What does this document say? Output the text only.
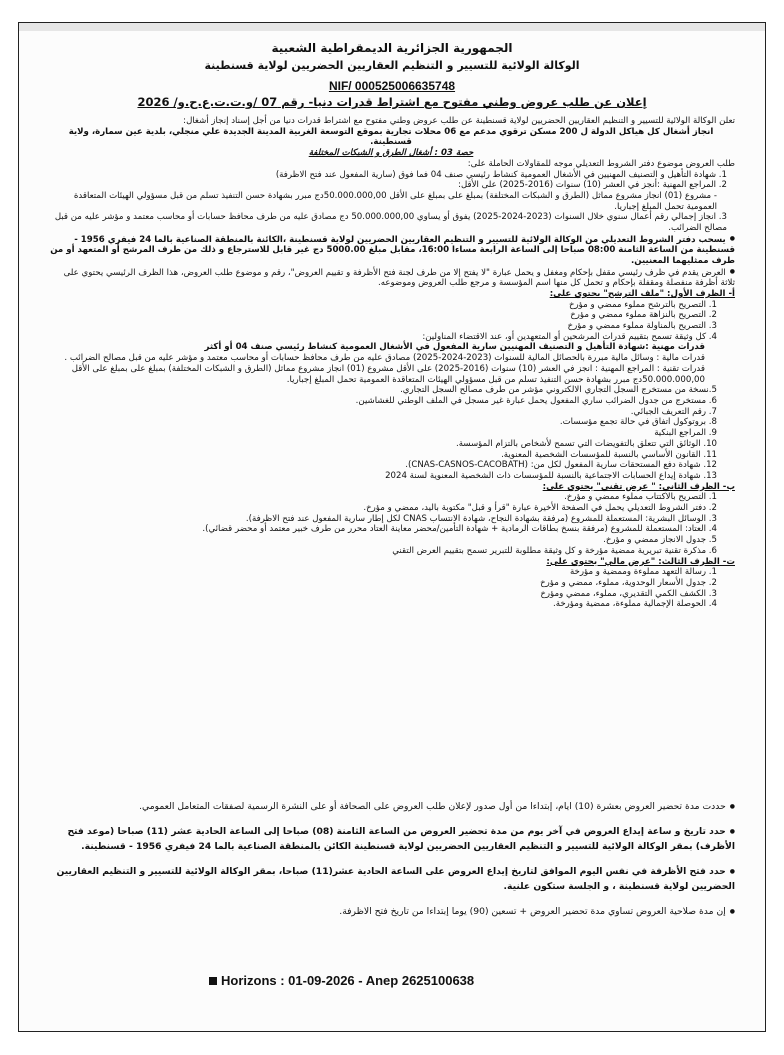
الجمهورية الجزائرية الديمقراطية الشعبية
الوكالة الولائية للتسيير و التنظيم العقاريين الحضريين لولاية قسنطينة
NIF/ 000525006635748
إعلان عن طلب عروض وطني مفتوح مع اشتراط قدرات دنيا- رقم 07 /و.ت.ت.ع.ح.و/ 2026

تعلن الوكالة الولائية للتسيير و التنظيم العقاريين الحضريين لولاية قسنطينة عن طلب عروض وطني مفتوح مع اشتراط قدرات دنيا من أجل إسناد إنجاز أشغال:

انجاز أشغال كل هياكل الدولة ل 200 مسكن ترقوي مدعم مع 06 محلات تجارية بموقع التوسعة الغربية المدينة الجديدة علي منجلي، بلدية عين سمارة، ولاية قسنطينة.

حصة 03 : أشغال الطرق و الشبكات المختلفة

طلب العروض موضوع دفتر الشروط التعديلي موجه للمقاولات الحاملة على:

1. شهادة التأهيل و التصنيف المهنيين في الأشغال العمومية كنشاط رئيسي صنف 04 فما فوق (سارية المفعول عند فتح الاظرفة)

2. المراجع المهنية :أنجز في العشر (10) سنوات (2016-2025) على الأقل:

- مشروع (01) انجاز مشروع مماثل (الطرق و الشبكات المختلفة) بمبلغ على بمبلغ على الأقل 50.000.000,00دج مبرر بشهادة حسن التنفيذ تسلم من قبل مسؤولي الهيئات المتعاقدة العمومية تحمل المبلغ إجباريا.

3. انجاز إجمالي رقم أعمال سنوي خلال السنوات (2023-2024-2025) يفوق أو يساوي 50.000.000,00 دج مصادق عليه من طرف محافظ حسابات أو محاسب معتمد و مؤشر عليه من قبل مصالح الضرائب.

● يسحب دفتر الشروط التعديلي من الوكالة الولائية للتسيير و التنظيم العقاريين الحضريين لولاية قسنطينة ،الكائنة بالمنطقة الصناعية بالما 24 فيفري 1956 - قسنطينة من الساعة الثامنة 08:00 صباحا إلى الساعة الرابعة مساءا 16:00، مقابل مبلغ 5000.00 دج غير قابل للاسترجاع و ذلك من طرف المرشح أو المتعهد أو من طرف ممثليهما المعنيين.

● العرض يقدم في ظرف رئيسي مقفل بإحكام ومغفل و يحمل عبارة "لا يفتح إلا من طرف لجنة فتح الأظرفة و تقييم العروض"، رقم و موضوع طلب العروض، هذا الظرف الرئيسي يحتوي على ثلاثة أظرفة منفصلة ومقفلة بإحكام و تحمل كل منها اسم المؤسسة و مرجع طلب العروض وموضوعه.

أ- الظرف الأول: "ملف الترشح" يحتوي على:

1. التصريح بالترشح مملوء ممضي و مؤرخ

2. التصريح بالنزاهة مملوء ممضي و مؤرخ

3. التصريح بالمناولة مملوء ممضي و مؤرخ

4. كل وثيقة تسمح بتقييم قدرات المرشحين أو المتعهدين أو، عند الاقتضاء المناولين:

قدرات مهنية :شهادة التأهيل و التصنيف المهنيين سارية المفعول في الأشغال العمومية كنشاط رئيسي صنف 04 أو أكثر

قدرات مالية : وسائل مالية مبررة بالحصائل المالية للسنوات (2023-2024-2025) مصادق عليه من طرف محافظ حسابات أو محاسب معتمد و مؤشر عليه من قبل مصالح الضرائب .

قدرات تقنية : المراجع المهنية : انجز في العشر (10) سنوات (2016-2025) على الأقل مشروع (01) انجاز مشروع مماثل (الطرق و الشبكات المختلفة) بمبلغ على بمبلغ على الأقل 50.000.000,00دج مبرر بشهادة حسن التنفيذ تسلم من قبل مسؤولي الهيئات المتعاقدة العمومية تحمل المبلغ إجباريا.

5.نسخة من مستخرج السجل التجاري الالكتروني مؤشر من طرف مصالح السجل التجاري.

6. مستخرج من جدول الضرائب ساري المفعول يحمل عبارة غير مسجل في الملف الوطني للغشاشين.

7. رقم التعريف الجبائي.

8. بروتوكول اتفاق في حالة تجمع مؤسسات.

9. المراجع البنكية

10. الوثائق التي تتعلق بالتفويضات التي تسمح لأشخاص بالتزام المؤسسة.

11. القانون الأساسي بالنسبة للمؤسسات الشخصية المعنوية.

12. شهادة دفع المستحقات سارية المفعول لكل من: (CNAS-CASNOS-CACOBATH).

13. شهادة إيداع الحسابات الاجتماعية بالنسبة للمؤسسات ذات الشخصية المعنوية لسنة 2024

ب- الظرف الثاني: " عرض تقني" يحتوي على:

1. التصريح بالاكتتاب مملوء ممضي و مؤرخ.

2. دفتر الشروط التعديلي يحمل في الصفحة الأخيرة عبارة "قرأ و قبل" مكتوبة باليد، ممضي و مؤرخ.

3. الوسائل البشرية: المستعملة للمشروع (مرفقة بشهادة النجاح، شهادة الانتساب CNAS لكل إطار سارية المفعول عند فتح الاظرفة).

4. العتاد: المستعملة للمشروع (مرفقة بنسخ بطاقات الرمادية + شهادة التأمين/محضر معاينة العتاد محرر من طرف خبير معتمد أو محضر قضائي).

5. جدول الانجاز ممضي و مؤرخ.

6. مذكرة تقنية تبريرية ممضية مؤرخة و كل وثيقة مطلوبة للتبرير تسمح بتقييم العرض التقني

ت- الظرف الثالث: "عرض مالي" يحتوي على:

1. رسالة التعهد مملوءة وممضية و مؤرخة

2. جدول الأسعار الوحدوية، مملوء، ممضي و مؤرخ

3. الكشف الكمي التقديري، مملوء، ممضي ومؤرخ

4. الحوصلة الإجمالية مملوءة، ممضية ومؤرخة.

● حددت مدة تحضير العروض بعشرة (10) ايام، إبتداءا من أول صدور لإعلان طلب العروض على الصحافة أو على النشرة الرسمية لصفقات المتعامل العمومي.

● حدد تاريخ و ساعة إيداع العروض في آخر يوم من مدة تحضير العروض من الساعة الثامنة (08) صباحا إلى الساعة الحادية عشر (11) صباحا (موعد فتح الأظرف) بمقر الوكالة الولائية للتسيير و التنظيم العقاريين الحضريين لولاية قسنطينة الكائن بالمنطقة الصناعية بالما 24 فيفري 1956 - قسنطينة.

● حدد فتح الأظرفة في نفس اليوم الموافق لتاريخ إيداع العروض على الساعة الحادية عشر(11) صباحا، بمقر الوكالة الولائية للتسيير و التنظيم العقاريين الحضريين لولاية قسنطينة ، و الجلسة ستكون علنية.

● إن مدة صلاحية العروض تساوي مدة تحضير العروض + تسعين (90) يوما إبتداءا من تاريخ فتح الاظرفة.

Horizons : 01-09-2026 - Anep 2625100638
